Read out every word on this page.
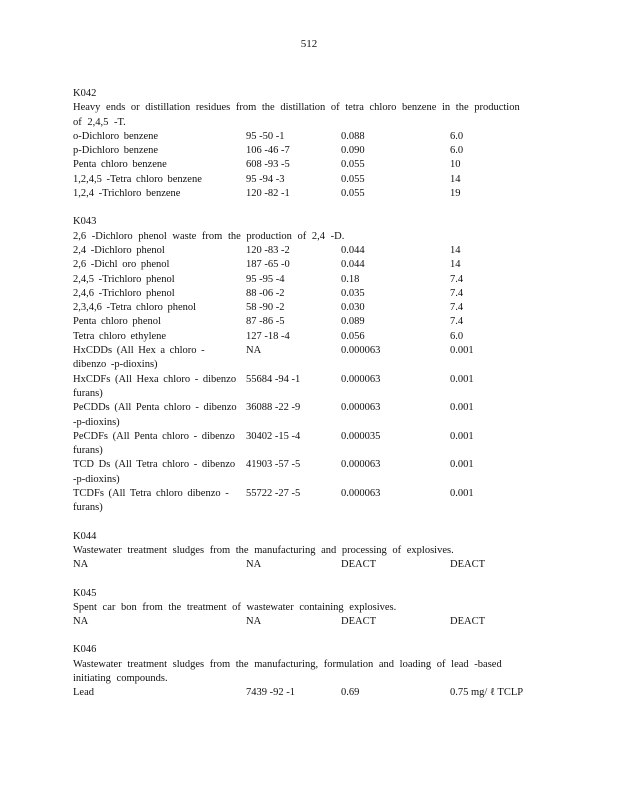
512
K042
Heavy ends or distillation residues from the distillation of tetra chloro benzene in the production of 2,4,5 -T.
o-Dichloro benzene	95 -50 -1	0.088	6.0
p-Dichloro benzene	106 -46 -7	0.090	6.0
Penta chloro benzene	608 -93 -5	0.055	10
1,2,4,5 -Tetra chloro benzene	95 -94 -3	0.055	14
1,2,4 -Trichloro benzene	120 -82 -1	0.055	19
K043
2,6 -Dichloro phenol waste from the production of 2,4 -D.
2,4 -Dichloro phenol	120 -83 -2	0.044	14
2,6 -Dichl oro phenol	187 -65 -0	0.044	14
2,4,5 -Trichloro phenol	95 -95 -4	0.18	7.4
2,4,6 -Trichloro phenol	88 -06 -2	0.035	7.4
2,3,4,6 -Tetra chloro phenol	58 -90 -2	0.030	7.4
Penta chloro phenol	87 -86 -5	0.089	7.4
Tetra chloro ethylene	127 -18 -4	0.056	6.0
HxCDDs (All Hex a chloro - dibenzo -p-dioxins)
NA	0.000063	0.001
HxCDFs (All Hexa chloro - dibenzo furans)
55684 -94 -1	0.000063	0.001
PeCDDs (All Penta chloro - dibenzo -p-dioxins)
36088 -22 -9	0.000063	0.001
PeCDFs (All Penta chloro - dibenzo furans)
30402 -15 -4	0.000035	0.001
TCD Ds (All Tetra chloro - dibenzo -p-dioxins)
41903 -57 -5	0.000063	0.001
TCDFs (All Tetra chloro dibenzo - furans)
55722 -27 -5	0.000063	0.001
K044
Wastewater treatment sludges from the manufacturing and processing of explosives.
NA	NA	DEACT	DEACT
K045
Spent car bon from the treatment of wastewater containing explosives.
NA	NA	DEACT	DEACT
K046
Wastewater treatment sludges from the manufacturing, formulation and loading of lead -based initiating compounds.
Lead	7439 -92 -1	0.69	0.75 mg/ ℓ TCLP
